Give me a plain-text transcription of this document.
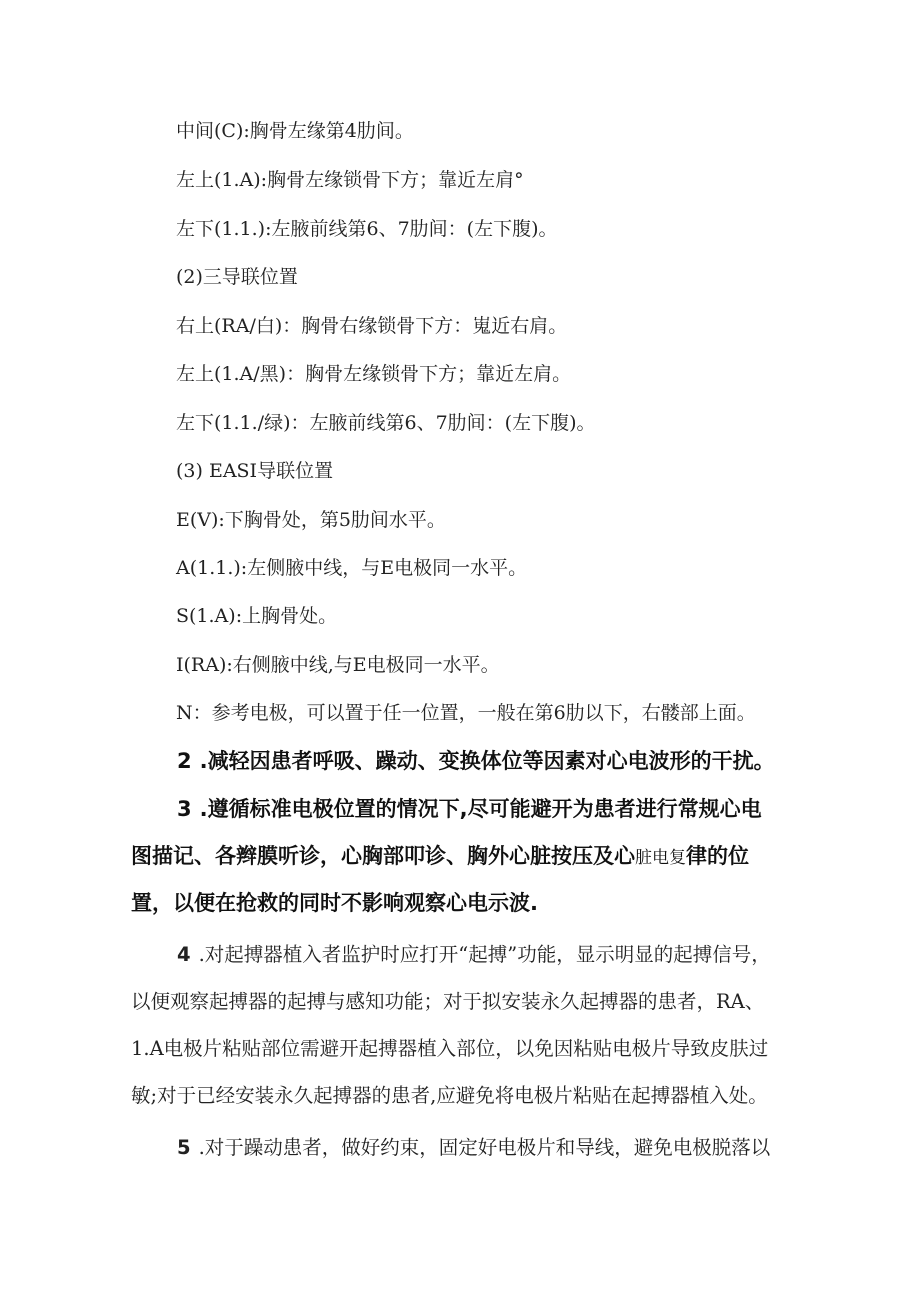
中间(C):胸骨左缘第4肋间。
左上(1.A):胸骨左缘锁骨下方；靠近左肩°
左下(1.1.):左腋前线第6、7肋间：(左下腹)。
(2)三导联位置
右上(RA/白)：胸骨右缘锁骨下方：嵬近右肩。
左上(1.A/黑)：胸骨左缘锁骨下方；靠近左肩。
左下(1.1./绿)：左腋前线第6、7肋间：(左下腹)。
(3) EASI导联位置
E(V):下胸骨处，第5肋间水平。
A(1.1.):左侧腋中线，与E电极同一水平。
S(1.A):上胸骨处。
I(RA):右侧腋中线,与E电极同一水平。
N：参考电极，可以置于任一位置，一般在第6肋以下，右髅部上面。
2 .减轻因患者呼吸、躁动、变换体位等因素对心电波形的干扰。
3 .遵循标准电极位置的情况下,尽可能避开为患者进行常规心电
图描记、各辫膜听诊，心胸部叩诊、胸外心脏按压及心脏电复律的位
置，以便在抢救的同时不影响观察心电示波.
4 .对起搏器植入者监护时应打开“起搏”功能，显示明显的起搏信号，
以便观察起搏器的起搏与感知功能；对于拟安装永久起搏器的患者，RA、
1.A电极片粘贴部位需避开起搏器植入部位，以免因粘贴电极片导致皮肤过
敏;对于已经安装永久起搏器的患者,应避免将电极片粘贴在起搏器植入处。
5 .对于躁动患者，做好约束，固定好电极片和导线，避免电极脱落以
